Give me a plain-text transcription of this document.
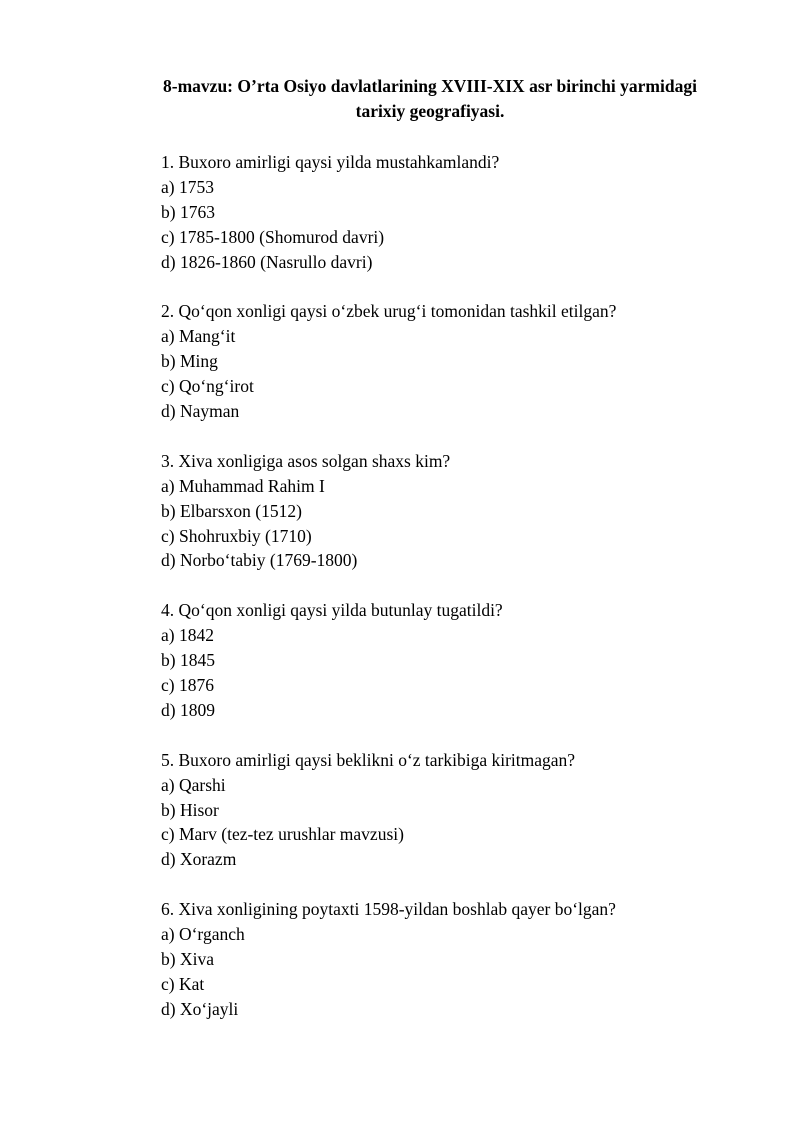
8-mavzu: O’rta Osiyo davlatlarining XVIII-XIX asr birinchi yarmidagi
tarixiy geografiyasi.
1. Buxoro amirligi qaysi yilda mustahkamlandi?
a) 1753
b) 1763
c) 1785-1800 (Shomurod davri)
d) 1826-1860 (Nasrullo davri)
2. Qo‘qon xonligi qaysi o‘zbek urug‘i tomonidan tashkil etilgan?
a) Mang‘it
b) Ming
c) Qo‘ng‘irot
d) Nayman
3. Xiva xonligiga asos solgan shaxs kim?
a) Muhammad Rahim I
b) Elbarsxon (1512)
c) Shohruxbiy (1710)
d) Norbo‘tabiy (1769-1800)
4. Qo‘qon xonligi qaysi yilda butunlay tugatildi?
a) 1842
b) 1845
c) 1876
d) 1809
5. Buxoro amirligi qaysi beklikni o‘z tarkibiga kiritmagan?
a) Qarshi
b) Hisor
c) Marv (tez-tez urushlar mavzusi)
d) Xorazm
6. Xiva xonligining poytaxti 1598-yildan boshlab qayer bo‘lgan?
a) O‘rganch
b) Xiva
c) Kat
d) Xo‘jayli
